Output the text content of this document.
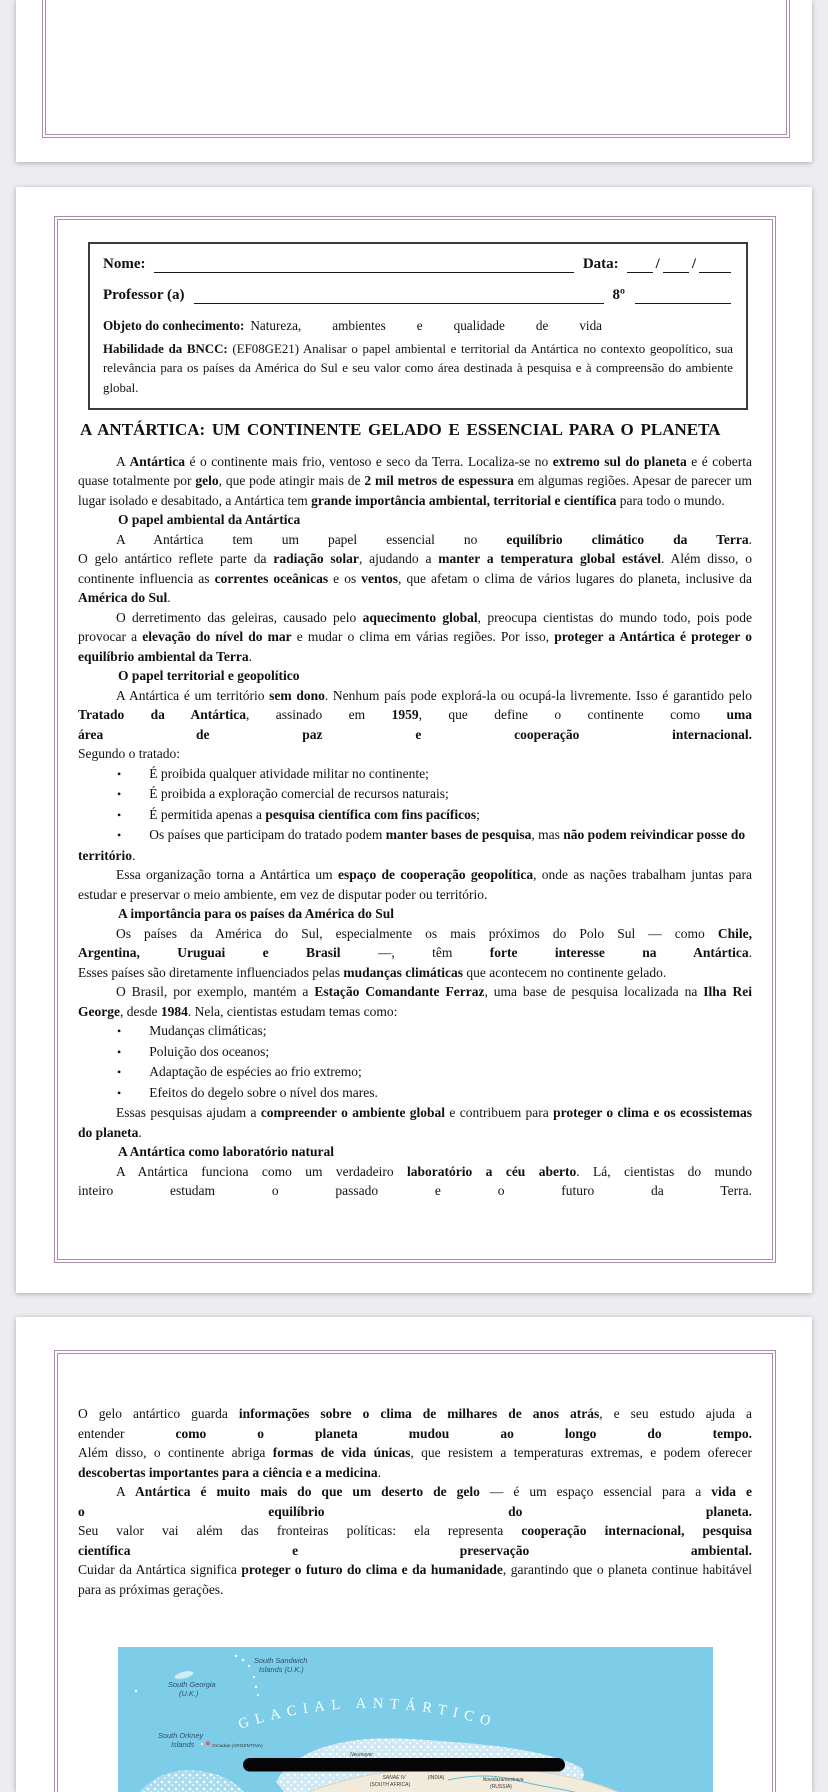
Nome:	Data: / /
Professor (a)	8º
Objeto do conhecimento: Natureza, ambientes e qualidade de vida
Habilidade da BNCC: (EF08GE21) Analisar o papel ambiental e territorial da Antártica no contexto geopolítico, sua relevância para os países da América do Sul e seu valor como área destinada à pesquisa e à compreensão do ambiente global.
A ANTÁRTICA: UM CONTINENTE GELADO E ESSENCIAL PARA O PLANETA
A Antártica é o continente mais frio, ventoso e seco da Terra. Localiza-se no extremo sul do planeta e é coberta quase totalmente por gelo, que pode atingir mais de 2 mil metros de espessura em algumas regiões. Apesar de parecer um lugar isolado e desabitado, a Antártica tem grande importância ambiental, territorial e científica para todo o mundo.
O papel ambiental da Antártica
A Antártica tem um papel essencial no equilíbrio climático da Terra.
O gelo antártico reflete parte da radiação solar, ajudando a manter a temperatura global estável. Além disso, o continente influencia as correntes oceânicas e os ventos, que afetam o clima de vários lugares do planeta, inclusive da América do Sul.
O derretimento das geleiras, causado pelo aquecimento global, preocupa cientistas do mundo todo, pois pode provocar a elevação do nível do mar e mudar o clima em várias regiões. Por isso, proteger a Antártica é proteger o equilíbrio ambiental da Terra.
O papel territorial e geopolítico
A Antártica é um território sem dono. Nenhum país pode explorá-la ou ocupá-la livremente. Isso é garantido pelo Tratado da Antártica, assinado em 1959, que define o continente como uma
área de paz e cooperação internacional.
Segundo o tratado:
• É proibida qualquer atividade militar no continente;
• É proibida a exploração comercial de recursos naturais;
• É permitida apenas a pesquisa científica com fins pacíficos;
• Os países que participam do tratado podem manter bases de pesquisa, mas não podem reivindicar posse do território.
Essa organização torna a Antártica um espaço de cooperação geopolítica, onde as nações trabalham juntas para estudar e preservar o meio ambiente, em vez de disputar poder ou território.
A importância para os países da América do Sul
Os países da América do Sul, especialmente os mais próximos do Polo Sul — como Chile,
Argentina, Uruguai e Brasil —, têm forte interesse na Antártica.
Esses países são diretamente influenciados pelas mudanças climáticas que acontecem no continente gelado.
O Brasil, por exemplo, mantém a Estação Comandante Ferraz, uma base de pesquisa localizada na Ilha Rei George, desde 1984. Nela, cientistas estudam temas como:
• Mudanças climáticas;
• Poluição dos oceanos;
• Adaptação de espécies ao frio extremo;
• Efeitos do degelo sobre o nível dos mares.
Essas pesquisas ajudam a compreender o ambiente global e contribuem para proteger o clima e os ecossistemas do planeta.
A Antártica como laboratório natural
A Antártica funciona como um verdadeiro laboratório a céu aberto. Lá, cientistas do mundo
inteiro estudam o passado e o futuro da Terra.
O gelo antártico guarda informações sobre o clima de milhares de anos atrás, e seu estudo ajuda a
entender como o planeta mudou ao longo do tempo.
Além disso, o continente abriga formas de vida únicas, que resistem a temperaturas extremas, e podem oferecer descobertas importantes para a ciência e a medicina.
A Antártica é muito mais do que um deserto de gelo — é um espaço essencial para a vida e
o equilíbrio do planeta.
Seu valor vai além das fronteiras políticas: ela representa cooperação internacional, pesquisa
científica e preservação ambiental.
Cuidar da Antártica significa proteger o futuro do clima e da humanidade, garantindo que o planeta continue habitável para as próximas gerações.
South Sandwich
Islands (U.K.)
South Georgia
(U.K.)
South Orkney
Islands	Orcadas (ARGENTINA)
GLACIAL ANTÁRTICO
Neumayer
SANAE IV
(SOUTH AFRICA)
(INDIA)	Novolazarevskaya
(RUSSIA)
